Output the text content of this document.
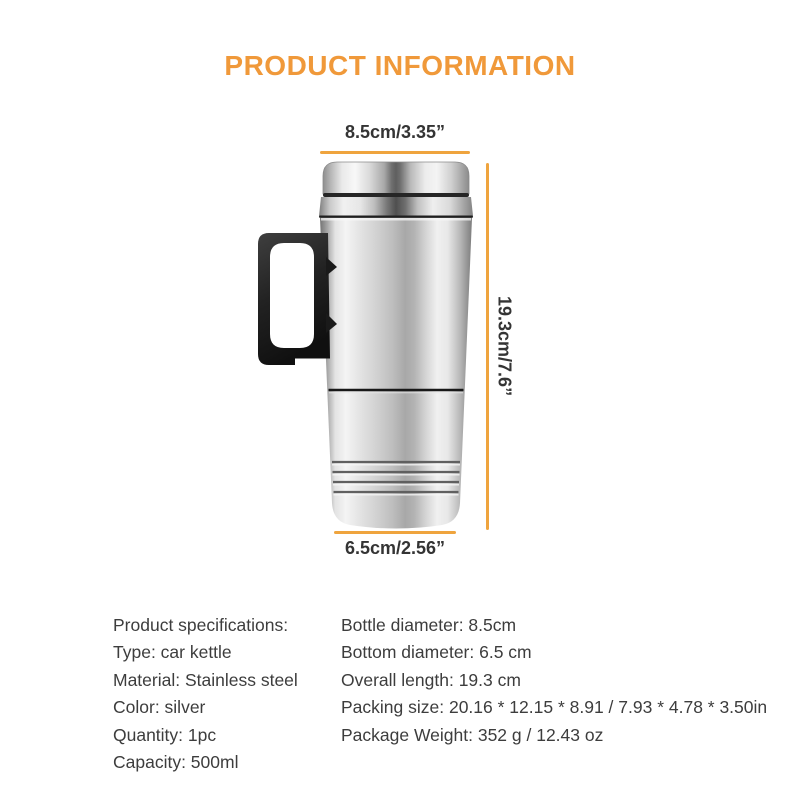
PRODUCT INFORMATION
8.5cm/3.35”
19.3cm/7.6”
6.5cm/2.56”
Product specifications:
Type: car kettle
Material: Stainless steel
Color: silver
Quantity: 1pc
Capacity: 500ml
Bottle diameter: 8.5cm
Bottom diameter: 6.5 cm
Overall length: 19.3 cm
Packing size: 20.16 * 12.15 * 8.91 / 7.93 * 4.78 * 3.50in
Package Weight: 352 g / 12.43 oz
